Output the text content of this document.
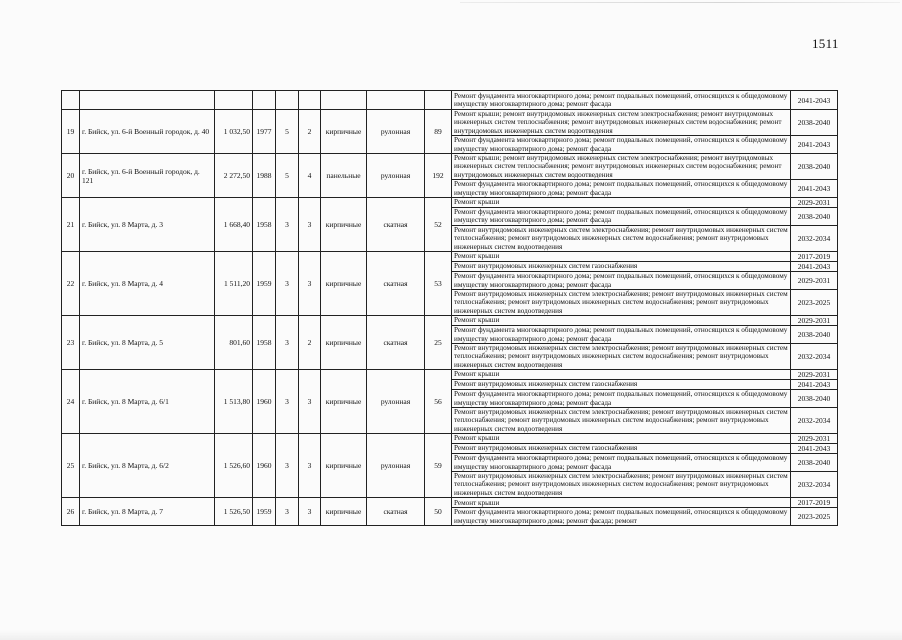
1511
									Ремонт фундамента многоквартирного дома; ремонт подвальных помещений, относящихся к общедомовому имуществу многоквартирного дома; ремонт фасада	2041-2043
19	г. Бийск, ул. 6-й Военный городок, д. 40	1 032,50	1977	5	2	кирпичные	рулонная	89	Ремонт крыши; ремонт внутридомовых инженерных систем электроснабжения; ремонт внутридомовых инженерных систем теплоснабжения; ремонт внутридомовых инженерных систем водоснабжения; ремонт внутридомовых инженерных систем водоотведения	2038-2040
									Ремонт фундамента многоквартирного дома; ремонт подвальных помещений, относящихся к общедомовому имуществу многоквартирного дома; ремонт фасада	2041-2043
20	г. Бийск, ул. 6-й Военный городок, д. 121	2 272,50	1988	5	4	панельные	рулонная	192	Ремонт крыши; ремонт внутридомовых инженерных систем электроснабжения; ремонт внутридомовых инженерных систем теплоснабжения; ремонт внутридомовых инженерных систем водоснабжения; ремонт внутридомовых инженерных систем водоотведения	2038-2040
									Ремонт фундамента многоквартирного дома; ремонт подвальных помещений, относящихся к общедомовому имуществу многоквартирного дома; ремонт фасада	2041-2043
21	г. Бийск, ул. 8 Марта, д. 3	1 668,40	1958	3	3	кирпичные	скатная	52	Ремонт крыши	2029-2031
									Ремонт фундамента многоквартирного дома; ремонт подвальных помещений, относящихся к общедомовому имуществу многоквартирного дома; ремонт фасада	2038-2040
									Ремонт внутридомовых инженерных систем электроснабжения; ремонт внутридомовых инженерных систем теплоснабжения; ремонт внутридомовых инженерных систем водоснабжения; ремонт внутридомовых инженерных систем водоотведения	2032-2034
22	г. Бийск, ул. 8 Марта, д. 4	1 511,20	1959	3	3	кирпичные	скатная	53	Ремонт крыши	2017-2019
									Ремонт внутридомовых инженерных систем газоснабжения	2041-2043
									Ремонт фундамента многоквартирного дома; ремонт подвальных помещений, относящихся к общедомовому имуществу многоквартирного дома; ремонт фасада	2029-2031
									Ремонт внутридомовых инженерных систем электроснабжения; ремонт внутридомовых инженерных систем теплоснабжения; ремонт внутридомовых инженерных систем водоснабжения; ремонт внутридомовых инженерных систем водоотведения	2023-2025
23	г. Бийск, ул. 8 Марта, д. 5	801,60	1958	3	2	кирпичные	скатная	25	Ремонт крыши	2029-2031
									Ремонт фундамента многоквартирного дома; ремонт подвальных помещений, относящихся к общедомовому имуществу многоквартирного дома; ремонт фасада	2038-2040
									Ремонт внутридомовых инженерных систем электроснабжения; ремонт внутридомовых инженерных систем теплоснабжения; ремонт внутридомовых инженерных систем водоснабжения; ремонт внутридомовых инженерных систем водоотведения	2032-2034
24	г. Бийск, ул. 8 Марта, д. 6/1	1 513,80	1960	3	3	кирпичные	рулонная	56	Ремонт крыши	2029-2031
									Ремонт внутридомовых инженерных систем газоснабжения	2041-2043
									Ремонт фундамента многоквартирного дома; ремонт подвальных помещений, относящихся к общедомовому имуществу многоквартирного дома; ремонт фасада	2038-2040
									Ремонт внутридомовых инженерных систем электроснабжения; ремонт внутридомовых инженерных систем теплоснабжения; ремонт внутридомовых инженерных систем водоснабжения; ремонт внутридомовых инженерных систем водоотведения	2032-2034
25	г. Бийск, ул. 8 Марта, д. 6/2	1 526,60	1960	3	3	кирпичные	рулонная	59	Ремонт крыши	2029-2031
									Ремонт внутридомовых инженерных систем газоснабжения	2041-2043
									Ремонт фундамента многоквартирного дома; ремонт подвальных помещений, относящихся к общедомовому имуществу многоквартирного дома; ремонт фасада	2038-2040
									Ремонт внутридомовых инженерных систем электроснабжения; ремонт внутридомовых инженерных систем теплоснабжения; ремонт внутридомовых инженерных систем водоснабжения; ремонт внутридомовых инженерных систем водоотведения	2032-2034
26	г. Бийск, ул. 8 Марта, д. 7	1 526,50	1959	3	3	кирпичные	скатная	50	Ремонт крыши	2017-2019
									Ремонт фундамента многоквартирного дома; ремонт подвальных помещений, относящихся к общедомовому имуществу многоквартирного дома; ремонт фасада; ремонт	2023-2025
